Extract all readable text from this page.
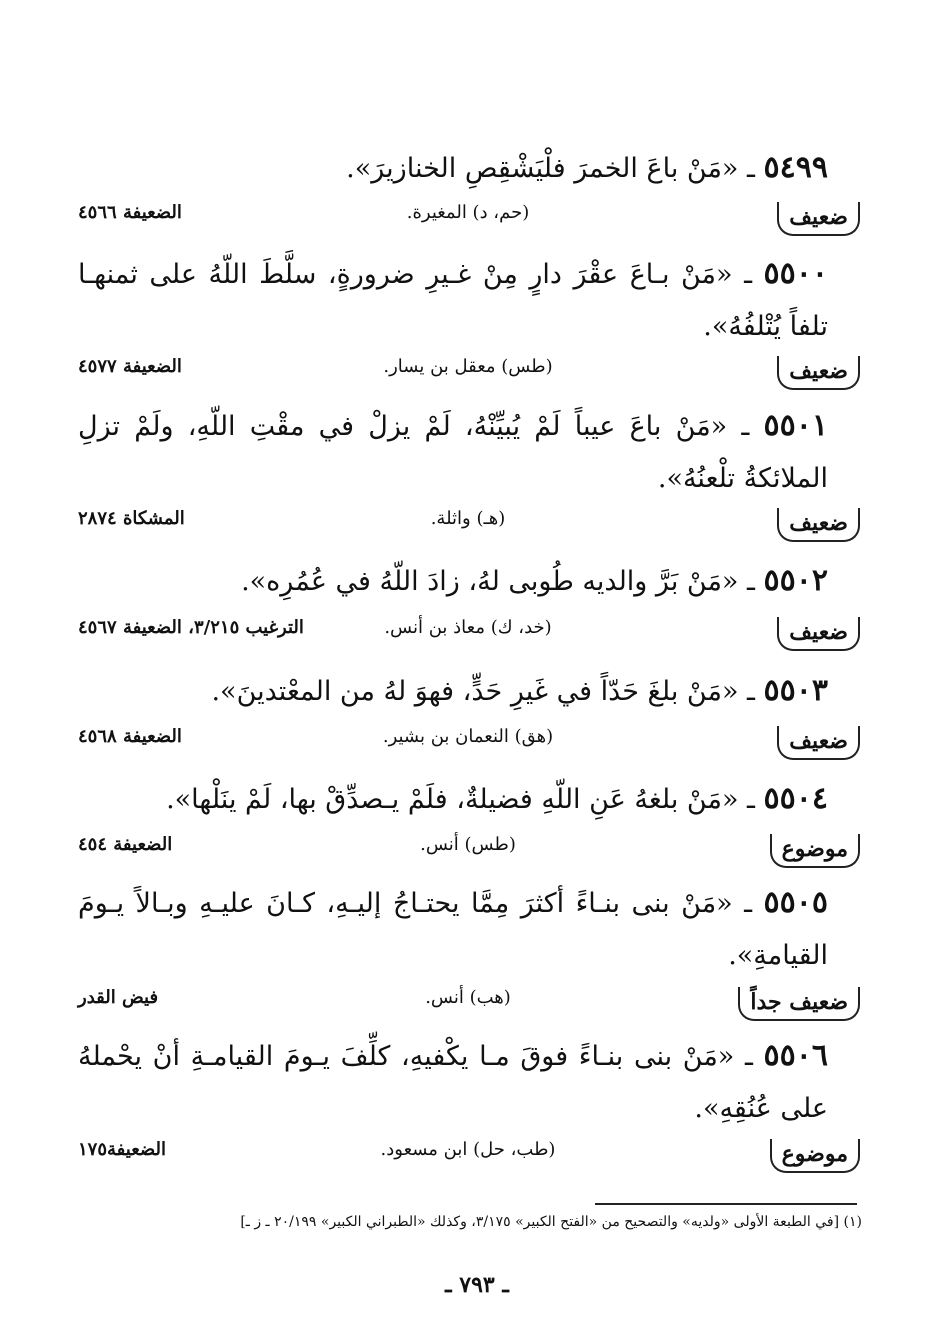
٥٤٩٩ ـ «مَنْ باعَ الخمرَ فلْيَشْقِصِ الخنازيرَ».
ضعيف
(حم، د) المغيرة.
الضعيفة ٤٥٦٦
٥٥٠٠ ـ «مَنْ بـاعَ عقْرَ دارٍ مِنْ غـيرِ ضرورةٍ، سلَّطَ اللّهُ على ثمنهـا تلفاً يُتْلفُهُ».
ضعيف
(طس) معقل بن يسار.
الضعيفة ٤٥٧٧
٥٥٠١ ـ «مَنْ باعَ عيباً لَمْ يُبيِّنْهُ، لَمْ يزلْ في مقْتِ اللّهِ، ولَمْ تزلِ الملائكةُ تلْعنُهُ».
ضعيف
(هـ) واثلة.
المشكاة ٢٨٧٤
٥٥٠٢ ـ «مَنْ بَرَّ والديه طُوبى لهُ، زادَ اللّهُ في عُمُرِه».
ضعيف
(خد، ك) معاذ بن أنس.
الترغيب ٣/٢١٥، الضعيفة ٤٥٦٧
٥٥٠٣ ـ «مَنْ بلغَ حَدّاً في غَيرِ حَدٍّ، فهوَ لهُ من المعْتدينَ».
ضعيف
(هق) النعمان بن بشير.
الضعيفة ٤٥٦٨
٥٥٠٤ ـ «مَنْ بلغهُ عَنِ اللّهِ فضيلةٌ، فلَمْ يـصدِّقْ بها، لَمْ ينَلْها».
موضوع
(طس) أنس.
الضعيفة ٤٥٤
٥٥٠٥ ـ «مَنْ بنى بنـاءً أكثرَ مِمَّا يحتـاجُ إليـهِ، كـانَ عليـهِ وبـالاً يـومَ القيامةِ».
ضعيف جداً
(هب) أنس.
فيض القدر
٥٥٠٦ ـ «مَنْ بنى بنـاءً فوقَ مـا يكْفيهِ، كلِّفَ يـومَ القيامـةِ أنْ يحْملهُ على عُنُقِهِ».
موضوع
(طب، حل) ابن مسعود.
الضعيفة١٧٥
(١) [في الطبعة الأولى «ولديه» والتصحيح من «الفتح الكبير» ٣/١٧٥، وكذلك «الطبراني الكبير» ٢٠/١٩٩ ـ ز ـ]
ـ ٧٩٣ ـ
